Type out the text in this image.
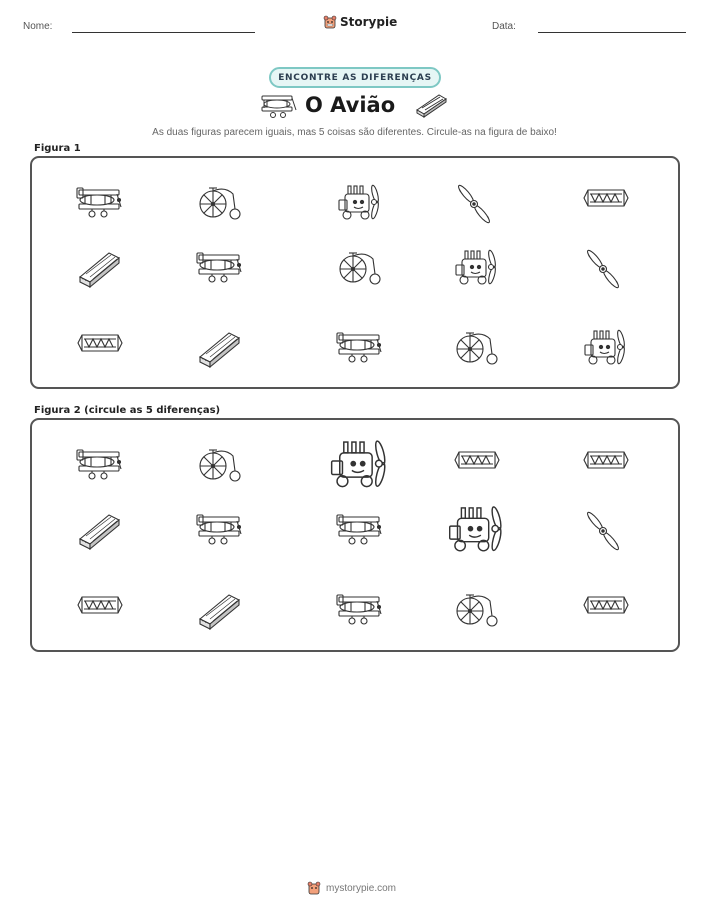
Nome:	Storypie	Data:
ENCONTRE AS DIFERENÇAS
O Avião
As duas figuras parecem iguais, mas 5 coisas são diferentes. Circule-as na figura de baixo!
Figura 1
Figura 2 (circule as 5 diferenças)
mystorypie.com
